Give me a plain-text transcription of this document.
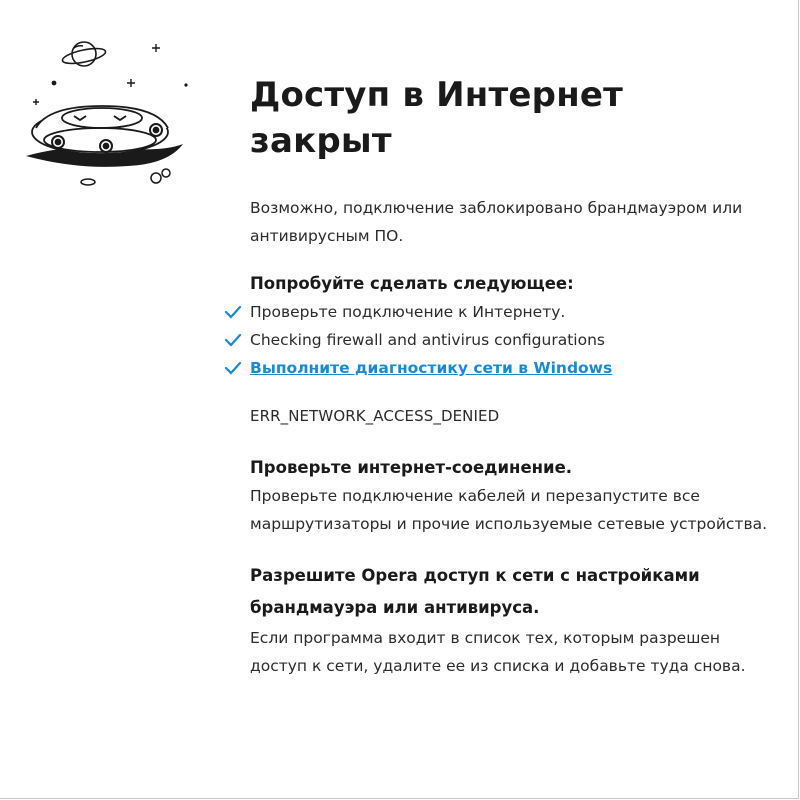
Доступ в Интернет закрыт

Возможно, подключение заблокировано брандмауэром или антивирусным ПО.

Попробуйте сделать следующее:

Проверьте подключение к Интернету.
Checking firewall and antivirus configurations
Выполните диагностику сети в Windows

ERR_NETWORK_ACCESS_DENIED

Проверьте интернет-соединение.

Проверьте подключение кабелей и перезапустите все маршрутизаторы и прочие используемые сетевые устройства.

Разрешите Opera доступ к сети с настройками брандмауэра или антивируса.

Если программа входит в список тех, которым разрешен доступ к сети, удалите ее из списка и добавьте туда снова.
